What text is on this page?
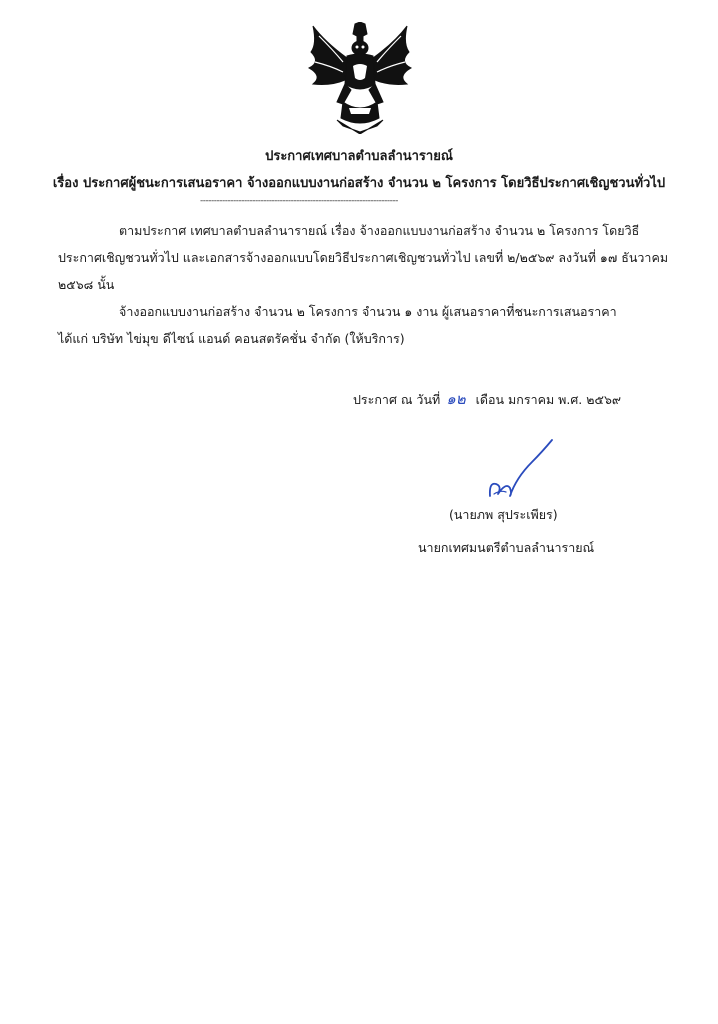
ประกาศเทศบาลตำบลลำนารายณ์
เรื่อง ประกาศผู้ชนะการเสนอราคา จ้างออกแบบงานก่อสร้าง จำนวน ๒ โครงการ โดยวิธีประกาศเชิญชวนทั่วไป
------------------------------------------------------------------------
ตามประกาศ เทศบาลตำบลลำนารายณ์ เรื่อง จ้างออกแบบงานก่อสร้าง จำนวน ๒ โครงการ โดยวิธี
ประกาศเชิญชวนทั่วไป และเอกสารจ้างออกแบบโดยวิธีประกาศเชิญชวนทั่วไป เลขที่ ๒/๒๕๖๙ ลงวันที่ ๑๗ ธันวาคม
๒๕๖๘ นั้น
จ้างออกแบบงานก่อสร้าง จำนวน ๒ โครงการ จำนวน ๑ งาน ผู้เสนอราคาที่ชนะการเสนอราคา
ได้แก่ บริษัท ไข่มุข ดีไซน์ แอนด์ คอนสตรัคชั่น จำกัด (ให้บริการ)
ประกาศ ณ วันที่ ๑๒ เดือน มกราคม พ.ศ. ๒๕๖๙
(นายภพ สุประเพียร)
นายกเทศมนตรีตำบลลำนารายณ์
